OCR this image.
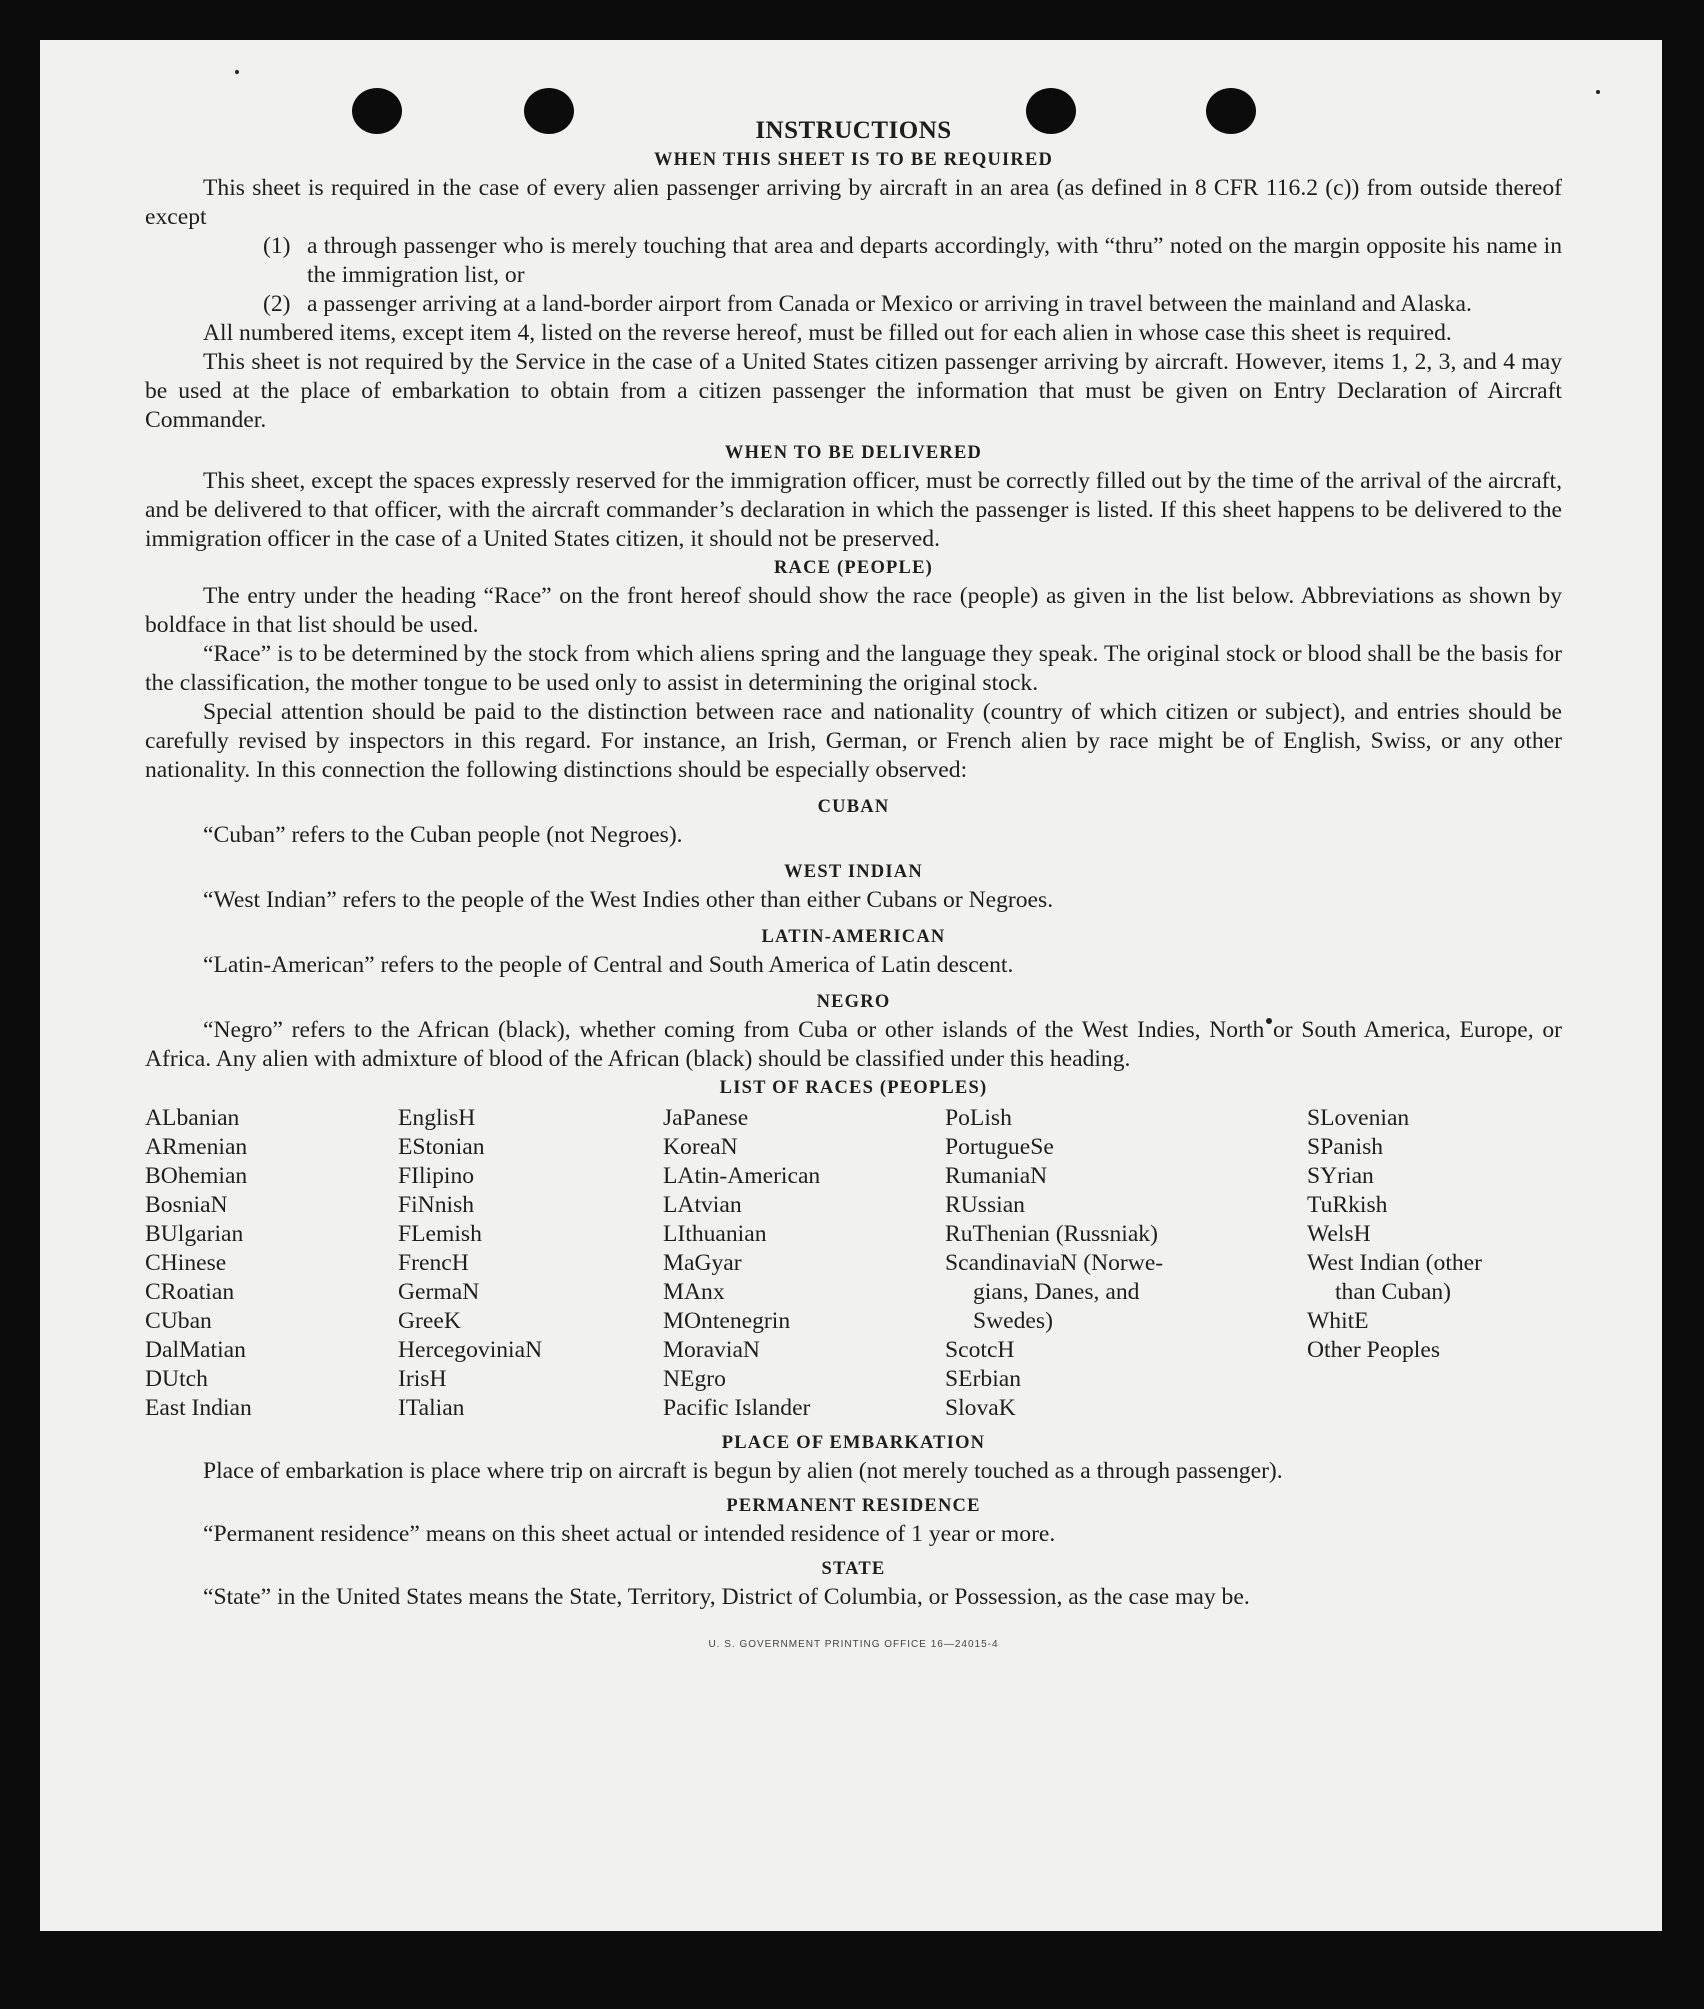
INSTRUCTIONS
WHEN THIS SHEET IS TO BE REQUIRED

This sheet is required in the case of every alien passenger arriving by aircraft in an area (as defined in 8 CFR 116.2 (c)) from outside thereof except

(1) a through passenger who is merely touching that area and departs accordingly, with “thru” noted on the margin opposite his name in the immigration list, or
(2) a passenger arriving at a land-border airport from Canada or Mexico or arriving in travel between the mainland and Alaska.

All numbered items, except item 4, listed on the reverse hereof, must be filled out for each alien in whose case this sheet is required.

This sheet is not required by the Service in the case of a United States citizen passenger arriving by aircraft. However, items 1, 2, 3, and 4 may be used at the place of embarkation to obtain from a citizen passenger the information that must be given on Entry Declaration of Aircraft Commander.

WHEN TO BE DELIVERED

This sheet, except the spaces expressly reserved for the immigration officer, must be correctly filled out by the time of the arrival of the aircraft, and be delivered to that officer, with the aircraft commander’s declaration in which the passenger is listed. If this sheet happens to be delivered to the immigration officer in the case of a United States citizen, it should not be preserved.

RACE (PEOPLE)

The entry under the heading “Race” on the front hereof should show the race (people) as given in the list below. Abbreviations as shown by boldface in that list should be used.

“Race” is to be determined by the stock from which aliens spring and the language they speak. The original stock or blood shall be the basis for the classification, the mother tongue to be used only to assist in determining the original stock.

Special attention should be paid to the distinction between race and nationality (country of which citizen or subject), and entries should be carefully revised by inspectors in this regard. For instance, an Irish, German, or French alien by race might be of English, Swiss, or any other nationality. In this connection the following distinctions should be especially observed:

CUBAN

“Cuban” refers to the Cuban people (not Negroes).

WEST INDIAN

“West Indian” refers to the people of the West Indies other than either Cubans or Negroes.

LATIN-AMERICAN

“Latin-American” refers to the people of Central and South America of Latin descent.

NEGRO

“Negro” refers to the African (black), whether coming from Cuba or other islands of the West Indies, North or South America, Europe, or Africa. Any alien with admixture of blood of the African (black) should be classified under this heading.

LIST OF RACES (PEOPLES)
ALbanian
ARmenian
BOhemian
BosniaN
BUlgarian
CHinese
CRoatian
CUban
DalMatian
DUtch
East Indian
EnglisH
EStonian
FIlipino
FiNnish
FLemish
FrencH
GermaN
GreeK
HercegoviniaN
IrisH
ITalian
JaPanese
KoreaN
LAtin-American
LAtvian
LIthuanian
MaGyar
MAnx
MOntenegrin
MoraviaN
NEgro
Pacific Islander
PoLish
PortugueSe
RumaniaN
RUssian
RuThenian (Russniak)
ScandinaviaN (Norwe-
gians, Danes, and
Swedes)
ScotcH
SErbian
SlovaK
SLovenian
SPanish
SYrian
TuRkish
WelsH
West Indian (other
than Cuban)
WhitE
Other Peoples
PLACE OF EMBARKATION

Place of embarkation is place where trip on aircraft is begun by alien (not merely touched as a through passenger).

PERMANENT RESIDENCE

“Permanent residence” means on this sheet actual or intended residence of 1 year or more.

STATE

“State” in the United States means the State, Territory, District of Columbia, or Possession, as the case may be.

U. S. GOVERNMENT PRINTING OFFICE 16—24015-4
